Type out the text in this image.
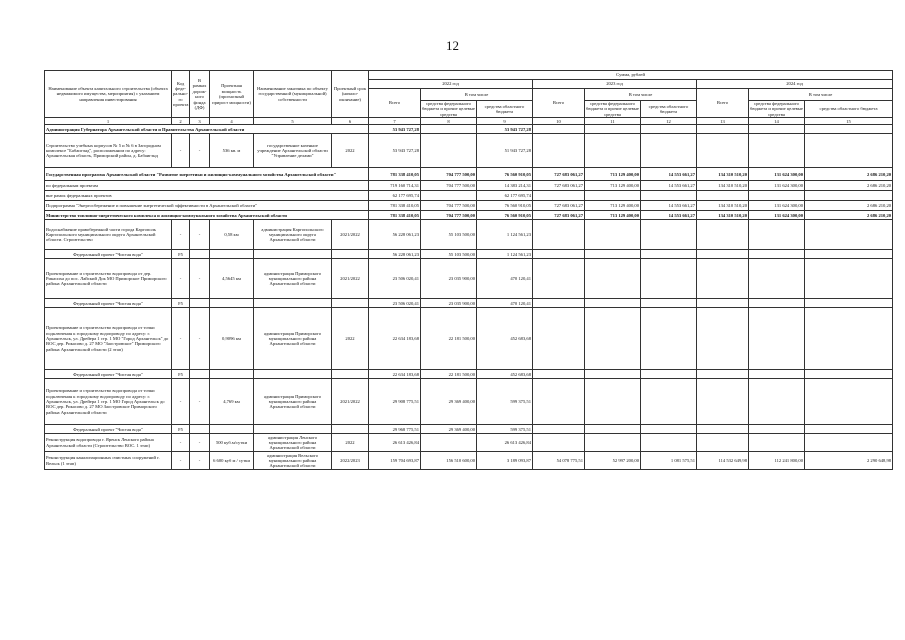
12
Наименование объекта капитального строительства (объекта недвижимого имущества, мероприятия) с указанием направления инвестирования	Код феде-рально-го проекта	В рамках дорож-ного фонда (ДФ)	Проектная мощность (прогнозный прирост мощности)	Наименование заказчика по объекту государственной (муниципальной) собственности	Проектный срок (начало-окончание)	Сумма, рублей								
						2022 год			2023 год			2024 год		
						Всего	В том числе		Всего	В том числе		Всего	В том числе	
							средства федерального бюджета и прочие целевые средства	средства областного бюджета		средства федерального бюджета и прочие целевые средства	средства областного бюджета		средства федерального бюджета и прочие целевые средства	средства областного бюджета
1	2	3	4	5	6	7	8	9	10	11	12	13	14	15
Администрация Губернатора Архангельской области и Правительства Архангельской области						53 943 727,28		53 943 727,28						
Строительство учебных корпусов № 5 и № 6 в Загородном комплексе "Бабаигэнд", расположенном по адресу: Архангельская область, Приморский район, д. Бабаигэнд	-	-	536 кв. м	государственное казенное учреждение Архангельской области "Управление делами"	2022	53 943 727,28		51 943 727,28						
Государственная программа Архангельской области "Развитие энергетики и жилищно-коммунального хозяйства Архангельской области"						781 338 410,05	704 777 500,00	76 560 910,05	727 683 061,27	713 129 400,00	14 553 661,27	134 310 510,20	131 624 300,00	2 686 210,20
по федеральным проектам						719 160 714,31	704 777 500,00	14 383 214,31	727 683 061,27	713 129 400,00	14 553 661,27	134 310 510,20	131 624 300,00	2 686 210,20
вне рамок федеральных проектов						62 177 695,74		62 177 695,74						
Подпрограмма "Энергосбережение и повышение энергетической эффективности в Архангельской области"						781 338 410,05	704 777 500,00	76 560 910,05	727 683 061,27	713 129 400,00	14 553 661,27	134 310 510,20	131 624 300,00	2 686 210,20
Министерство топливно-энергетического комплекса и жилищно-коммунального хозяйства Архангельской области						781 338 410,05	704 777 500,00	76 560 910,05	727 683 061,27	713 129 400,00	14 553 661,27	134 310 510,20	131 624 300,00	2 686 210,20
Водоснабжение правобережной части города Каргополь Каргопольского муниципального округа Архангельской области. Строительство	-	-	0,58 км	администрация Каргопольского муниципального округа Архангельской области	2021/2022	56 228 061,23	55 103 500,00	1 124 561,23						
Федеральный проект "Чистая вода"	F5					56 228 061,23	55 103 500,00	1 124 561,23						
Проектирование и строительство водопровода от дер. Рикасиха до пос. Лайский Док МО Приморское Приморского района Архангельской области	-	-	4,5645 км	администрация Приморского муниципального района Архангельской области	2021/2022	23 506 020,41	23 035 900,00	470 120,41						
Федеральный проект "Чистая вода"	F5					23 506 020,41	23 035 900,00	470 120,41						
Проектирование и строительство водопровода от точки подключения к городскому водопроводу по адресу: г. Архангельск, ул. Дрейера 1 стр. 1 МО "Город Архангельск" до ВОС дер. Рикасово д. 27 МО "Заостровское" Приморского района Архангельской области (2 этап)	-	-	0,9096 км	администрация Приморского муниципального района Архангельской области	2022	22 634 183,68	22 181 500,00	452 683,68						
Федеральный проект "Чистая вода"	F5					22 634 183,68	22 181 500,00	452 683,68						
Проектирование и строительство водопровода от точки подключения к городскому водопроводу по адресу: г. Архангельск, ул. Дрейера 1 стр. 1 МО Город Архангельск до ВОС дер. Рикасово д. 27 МО Заостровское Приморского района Архангельской области	-	-	4,769 км	администрация Приморского муниципального района Архангельской области	2021/2022	29 908 775,51	29 369 400,00	599 375,51						
Федеральный проект "Чистая вода"	F5					29 968 775,51	29 369 400,00	599 375,51						
Реконструкция водопровода г. Яренск Ленского района Архангельской области (Строительство ВОС. 1 этап)	-	-	500 куб.м/сутки	администрация Ленского муниципального района Архангельской области	2022	26 613 426,84		26 613 426,84						
Реконструкция канализационных очистных сооружений г. Вельск (1 этап)	-	-	6 600 куб м / сутки	администрация Вельского муниципального района Архангельской области	2022/2023	159 704 693,87	156 510 600,00	3 189 093,87	54 078 775,51	52 997 200,00	1 081 575,51	114 532 649,98	112 241 800,00	2 290 648,98
